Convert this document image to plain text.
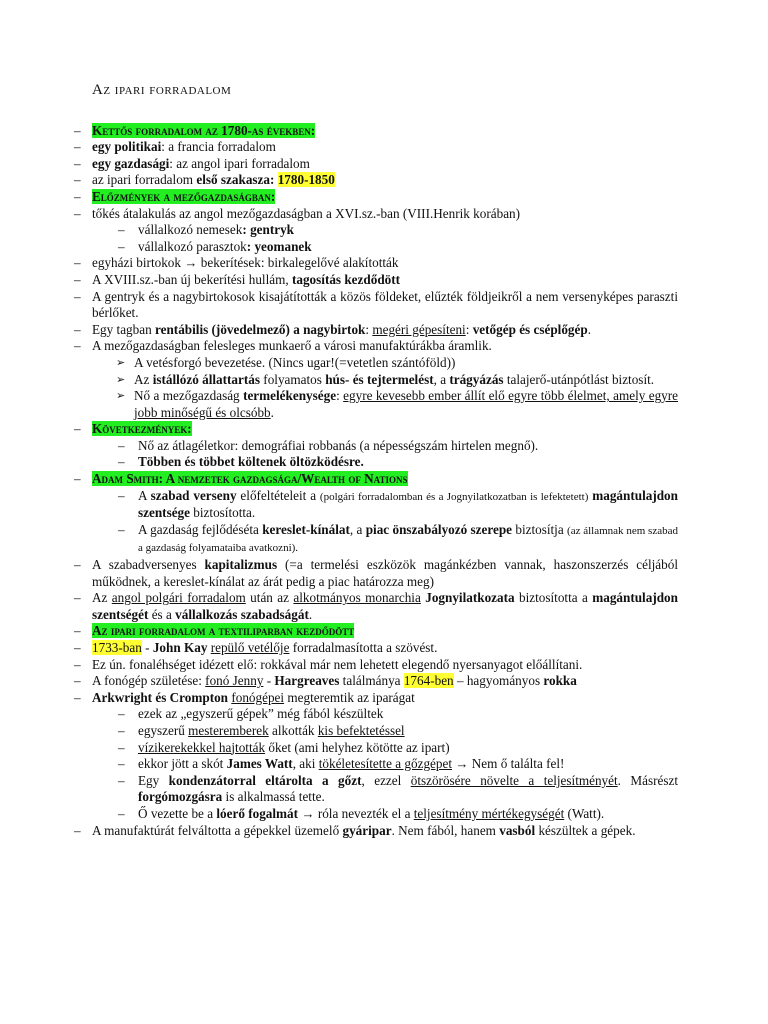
Az ipari forradalom
– Kettős forradalom az 1780-as években:
– egy politikai: a francia forradalom
– egy gazdasági: az angol ipari forradalom
– az ipari forradalom első szakasza: 1780-1850
– Előzmények a mezőgazdaságban:
– tőkés átalakulás az angol mezőgazdaságban a XVI.sz.-ban (VIII.Henrik korában)
–	vállalkozó nemesek: gentryk
–	vállalkozó parasztok: yeomanek
– egyházi birtokok → bekerítések: birkalegelővé alakították
– A XVIII.sz.-ban új bekerítési hullám, tagosítás kezdődött
– A gentryk és a nagybirtokosok kisajátították a közös földeket, elűzték földjeikről a nem versenyképes paraszti bérlőket.
– Egy tagban rentábilis (jövedelmező) a nagybirtok: megéri gépesíteni: vetőgép és cséplőgép.
– A mezőgazdaságban felesleges munkaerő a városi manufaktúrákba áramlik.
➢ A vetésforgó bevezetése. (Nincs ugar!(=vetetlen szántóföld))
➢ Az istállózó állattartás folyamatos hús- és tejtermelést, a trágyázás talajerő-utánpótlást biztosít.
➢ Nő a mezőgazdaság termelékenysége: egyre kevesebb ember állít elő egyre több élelmet, amely egyre jobb minőségű és olcsóbb.
– Következmények:
–	Nő az átlagéletkor: demográfiai robbanás (a népességszám hirtelen megnő).
–	Többen és többet költenek öltözködésre.
– Adam Smith: A nemzetek gazdagsága/Wealth of Nations
–	A szabad verseny előfeltételeit a (polgári forradalomban és a Jognyilatkozatban is lefektetett) magántulajdon szentsége biztosította.
–	A gazdaság fejlődéséta kereslet-kínálat, a piac önszabályozó szerepe biztosítja (az államnak nem szabad a gazdaság folyamataiba avatkozni).
– A szabadversenyes kapitalizmus (=a termelési eszközök magánkézben vannak, haszonszerzés céljából működnek, a kereslet-kínálat az árát pedig a piac határozza meg)
– Az angol polgári forradalom után az alkotmányos monarchia Jognyilatkozata biztosította a magántulajdon szentségét és a vállalkozás szabadságát.
– Az ipari forradalom a textiliparban kezdődött
– 1733-ban - John Kay repülő vetélője forradalmasította a szövést.
– Ez ún. fonaléhséget idézett elő: rokkával már nem lehetett elegendő nyersanyagot előállítani.
– A fonógép születése: fonó Jenny - Hargreaves találmánya 1764-ben – hagyományos rokka
– Arkwright és Crompton fonógépei megteremtik az iparágat
–	ezek az „egyszerű gépek” még fából készültek
–	egyszerű mesteremberek alkották kis befektetéssel
–	vízikerekekkel hajtották őket (ami helyhez kötötte az ipart)
–	ekkor jött a skót James Watt, aki tökéletesítette a gőzgépet → Nem ő találta fel!
–	Egy kondenzátorral eltárolta a gőzt, ezzel ötszörösére növelte a teljesítményét. Másrészt forgómozgásra is alkalmassá tette.
–	Ő vezette be a lóerő fogalmát → róla nevezték el a teljesítmény mértékegységét (Watt).
– A manufaktúrát felváltotta a gépekkel üzemelő gyáripar. Nem fából, hanem vasból készültek a gépek.
